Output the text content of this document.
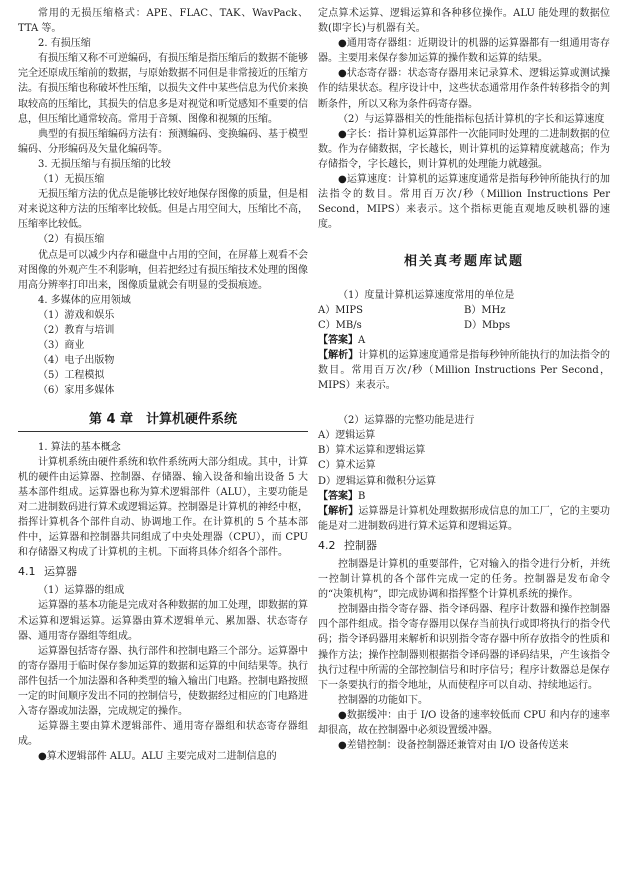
常用的无损压缩格式：APE、FLAC、TAK、WavPack、TTA 等。

2. 有损压缩

有损压缩又称不可逆编码，有损压缩是指压缩后的数据不能够完全还原成压缩前的数据，与原始数据不同但是非常接近的压缩方法。有损压缩也称破坏性压缩，以损失文件中某些信息为代价来换取较高的压缩比，其损失的信息多是对视觉和听觉感知不重要的信息，但压缩比通常较高。常用于音频、图像和视频的压缩。

典型的有损压缩编码方法有：预测编码、变换编码、基于模型编码、分形编码及矢量化编码等。

3. 无损压缩与有损压缩的比较

（1）无损压缩

无损压缩方法的优点是能够比较好地保存图像的质量，但是相对来说这种方法的压缩率比较低。但是占用空间大，压缩比不高，压缩率比较低。

（2）有损压缩

优点是可以减少内存和磁盘中占用的空间，在屏幕上观看不会对图像的外观产生不利影响，但若把经过有损压缩技术处理的图像用高分辨率打印出来，图像质量就会有明显的受损痕迹。

4. 多媒体的应用领域

（1）游戏和娱乐

（2）教育与培训

（3）商业

（4）电子出版物

（5）工程模拟

（6）家用多媒体

第 4 章　计算机硬件系统

1. 算法的基本概念

计算机系统由硬件系统和软件系统两大部分组成。其中，计算机的硬件由运算器、控制器、存储器、输入设备和输出设备 5 大基本部件组成。运算器也称为算术逻辑部件（ALU），主要功能是对二进制数码进行算术或逻辑运算。控制器是计算机的神经中枢，指挥计算机各个部件自动、协调地工作。在计算机的 5 个基本部件中，运算器和控制器共同组成了中央处理器（CPU），而 CPU 和存储器又构成了计算机的主机。下面将具体介绍各个部件。

4.1 运算器

（1）运算器的组成

运算器的基本功能是完成对各种数据的加工处理，即数据的算术运算和逻辑运算。运算器由算术逻辑单元、累加器、状态寄存器、通用寄存器组等组成。

运算器包括寄存器、执行部件和控制电路三个部分。运算器中的寄存器用于临时保存参加运算的数据和运算的中间结果等。执行部件包括一个加法器和各种类型的输入输出门电路。控制电路按照一定的时间顺序发出不同的控制信号，使数据经过相应的门电路进入寄存器或加法器，完成规定的操作。

运算器主要由算术逻辑部件、通用寄存器组和状态寄存器组成。

●算术逻辑部件 ALU。ALU 主要完成对二进制信息的

定点算术运算、逻辑运算和各种移位操作。ALU 能处理的数据位数(即字长)与机器有关。

●通用寄存器组：近期设计的机器的运算器都有一组通用寄存器。主要用来保存参加运算的操作数和运算的结果。

●状态寄存器：状态寄存器用来记录算术、逻辑运算或测试操作的结果状态。程序设计中，这些状态通常用作条件转移指令的判断条件，所以又称为条件码寄存器。

（2）与运算器相关的性能指标包括计算机的字长和运算速度

●字长：指计算机运算部件一次能同时处理的二进制数据的位数。作为存储数据，字长越长，则计算机的运算精度就越高；作为存储指令，字长越长，则计算机的处理能力就越强。

●运算速度：计算机的运算速度通常是指每秒钟所能执行的加法指令的数目。常用百万次/秒（Million Instructions Per Second，MIPS）来表示。这个指标更能直观地反映机器的速度。

相关真考题库试题

（1）度量计算机运算速度常用的单位是

A）MIPS	B）MHz
C）MB/s	D）Mbps

【答案】A

【解析】计算机的运算速度通常是指每秒钟所能执行的加法指令的数目。常用百万次/秒（Million Instructions Per Second，MIPS）来表示。

（2）运算器的完整功能是进行

A）逻辑运算

B）算术运算和逻辑运算

C）算术运算

D）逻辑运算和微积分运算

【答案】B

【解析】运算器是计算机处理数据形成信息的加工厂，它的主要功能是对二进制数码进行算术运算和逻辑运算。

4.2 控制器

控制器是计算机的重要部件，它对输入的指令进行分析，并统一控制计算机的各个部件完成一定的任务。控制器是发布命令的“决策机构”，即完成协调和指挥整个计算机系统的操作。

控制器由指令寄存器、指令译码器、程序计数器和操作控制器四个部件组成。指令寄存器用以保存当前执行或即将执行的指令代码；指令译码器用来解析和识别指令寄存器中所存放指令的性质和操作方法；操作控制器则根据指令译码器的译码结果，产生该指令执行过程中所需的全部控制信号和时序信号；程序计数器总是保存下一条要执行的指令地址，从而使程序可以自动、持续地运行。

控制器的功能如下。

●数据缓冲：由于 I/O 设备的速率较低而 CPU 和内存的速率却很高，故在控制器中必须设置缓冲器。

●差错控制：设备控制器还兼管对由 I/O 设备传送来
